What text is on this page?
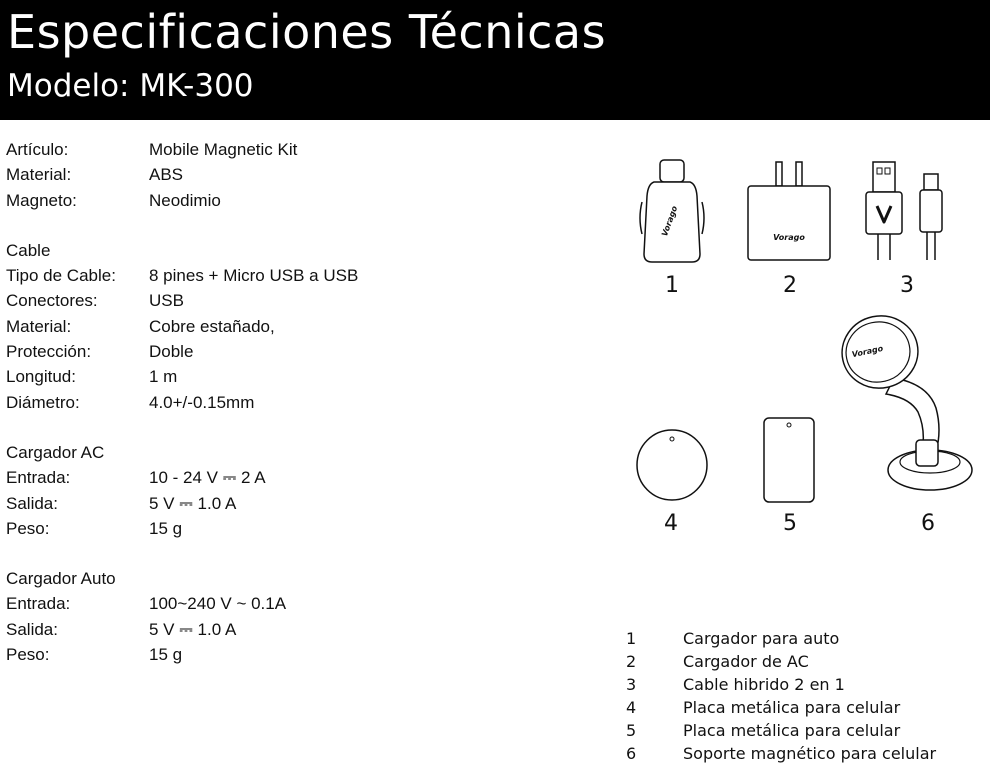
Especificaciones Técnicas
Modelo: MK-300
Artículo:	Mobile Magnetic Kit
Material:	ABS
Magneto:	Neodimio
Cable
Tipo de Cable: 8 pines + Micro USB a USB
Conectores:	USB
Material:	Cobre estañado,
Protección:	Doble
Longitud:	1 m
Diámetro:	4.0+/-0.15mm
Cargador AC
Entrada:	10 - 24 V ⎓ 2 A
Salida:	5 V ⎓ 1.0 A
Peso:	15 g
Cargador Auto
Entrada:	100~240 V ~ 0.1A
Salida:	5 V ⎓ 1.0 A
Peso:	15 g
Vorago
1
Vorago
2	3
4	5
Vorago
6
1	Cargador para auto
2	Cargador de AC
3	Cable hibrido 2 en 1
4	Placa metálica para celular
5	Placa metálica para celular
6	Soporte magnético para celular
